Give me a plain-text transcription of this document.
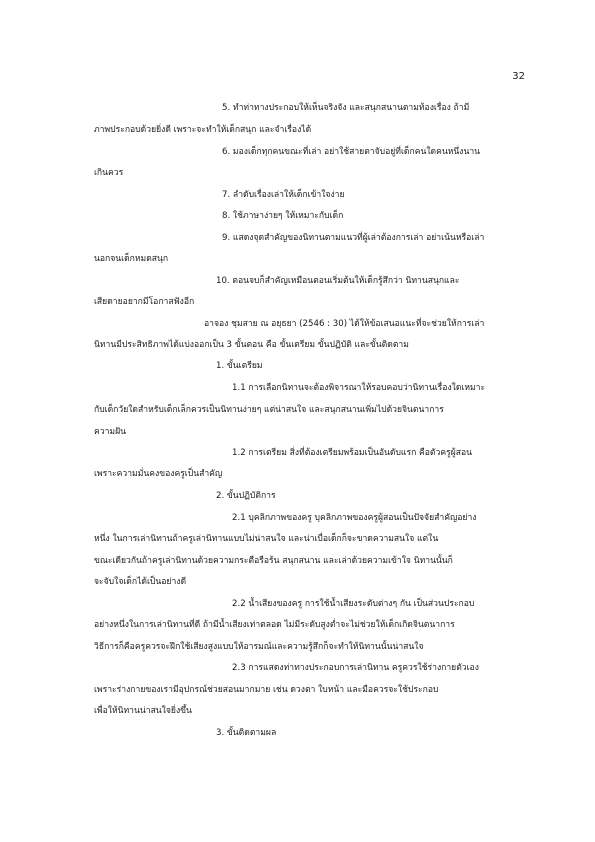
32
5. ทำท่าทางประกอบให้เห็นจริงจัง และสนุกสนานตามท้องเรื่อง ถ้ามี
ภาพประกอบด้วยยิ่งดี เพราะจะทำให้เด็กสนุก และจำเรื่องได้
6. มองเด็กทุกคนขณะที่เล่า อย่าใช้สายตาจับอยู่ที่เด็กคนใดคนหนึ่งนาน
เกินควร
7. ลำดับเรื่องเล่าให้เด็กเข้าใจง่าย
8. ใช้ภาษาง่ายๆ ให้เหมาะกับเด็ก
9. แสดงจุดสำคัญของนิทานตามแนวที่ผู้เล่าต้องการเล่า อย่าเน้นหรือเล่า
นอกจนเด็กหมดสนุก
10. ตอนจบก็สำคัญเหมือนตอนเริ่มต้นให้เด็กรู้สึกว่า นิทานสนุกและ
เสียดายอยากมีโอกาสฟังอีก
อาจอง ชุมสาย ณ อยุธยา (2546 : 30) ได้ให้ข้อเสนอแนะที่จะช่วยให้การเล่า
นิทานมีประสิทธิภาพได้แบ่งออกเป็น 3 ขั้นตอน คือ ขั้นเตรียม ขั้นปฏิบัติ และขั้นติดตาม
1. ขั้นเตรียม
1.1 การเลือกนิทานจะต้องพิจารณาให้รอบคอบว่านิทานเรื่องใดเหมาะ
กับเด็กวัยใดสำหรับเด็กเล็กควรเป็นนิทานง่ายๆ แต่น่าสนใจ และสนุกสนานเพิ่มไปด้วยจินตนาการ
ความฝัน
1.2 การเตรียม สิ่งที่ต้องเตรียมพร้อมเป็นอันดับแรก คือตัวครูผู้สอน
เพราะความมั่นคงของครูเป็นสำคัญ
2. ขั้นปฏิบัติการ
2.1 บุคลิกภาพของครู บุคลิกภาพของครูผู้สอนเป็นปัจจัยสำคัญอย่าง
หนึ่ง ในการเล่านิทานถ้าครูเล่านิทานแบบไม่น่าสนใจ และน่าเบื่อเด็กก็จะขาดความสนใจ แต่ใน
ขณะเดียวกันถ้าครูเล่านิทานด้วยความกระตือรือร้น สนุกสนาน และเล่าด้วยความเข้าใจ นิทานนั้นก็
จะจับใจเด็กได้เป็นอย่างดี
2.2 น้ำเสียงของครู การใช้น้ำเสียงระดับต่างๆ กัน เป็นส่วนประกอบ
อย่างหนึ่งในการเล่านิทานที่ดี ถ้ามีน้ำเสียงเท่าตลอด ไม่มีระดับสูงต่ำจะไม่ช่วยให้เด็กเกิดจินตนาการ
วิธีการก็คือครูควรจะฝึกใช้เสียงสูงแบบให้อารมณ์และความรู้สึกก็จะทำให้นิทานนั้นน่าสนใจ
2.3 การแสดงท่าทางประกอบการเล่านิทาน ครูควรใช้ร่างกายตัวเอง
เพราะร่างกายของเรามีอุปกรณ์ช่วยสอนมากมาย เช่น ดวงตา ใบหน้า และมือควรจะใช้ประกอบ
เพื่อให้นิทานน่าสนใจยิ่งขึ้น
3. ขั้นติดตามผล
